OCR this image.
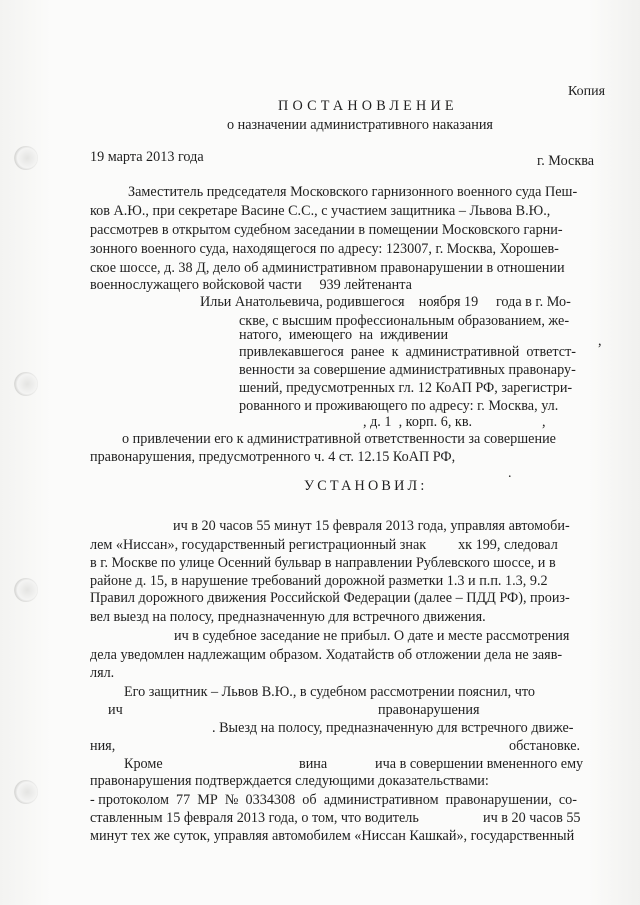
Копия
ПОСТАНОВЛЕНИЕ
о назначении административного наказания
19 марта 2013 года	г. Москва
Заместитель председателя Московского гарнизонного военного суда Пеш-
ков А.Ю., при секретаре Васине С.С., с участием защитника – Львова В.Ю.,
рассмотрев в открытом судебном заседании в помещении Московского гарни-
зонного военного суда, находящегося по адресу: 123007, г. Москва, Хорошев-
ское шоссе, д. 38 Д, дело об административном правонарушении в отношении
военнослужащего войсковой части     939 лейтенанта
Ильи Анатольевича, родившегося    ноября 19     года в г. Мо-
скве, с высшим профессиональным образованием, же-
натого,  имеющего  на  иждивении	,
привлекавшегося  ранее  к  административной  ответст-
венности за совершение административных правонару-
шений, предусмотренных гл. 12 КоАП РФ, зарегистри-
рованного и проживающего по адресу: г. Москва, ул.
, д. 1  , корп. 6, кв.	,
о привлечении его к административной ответственности за совершение
правонарушения, предусмотренного ч. 4 ст. 12.15 КоАП РФ,
.
УСТАНОВИЛ:
ич в 20 часов 55 минут 15 февраля 2013 года, управляя автомоби-
лем «Ниссан», государственный регистрационный знак         хк 199, следовал
в г. Москве по улице Осенний бульвар в направлении Рублевского шоссе, и в
районе д. 15, в нарушение требований дорожной разметки 1.3 и п.п. 1.3, 9.2
Правил дорожного движения Российской Федерации (далее – ПДД РФ), произ-
вел выезд на полосу, предназначенную для встречного движения.
ич в судебное заседание не прибыл. О дате и месте рассмотрения
дела уведомлен надлежащим образом. Ходатайств об отложении дела не заяв-
лял.
Его защитник – Львов В.Ю., в судебном рассмотрении пояснил, что
ич	правонарушения
. Выезд на полосу, предназначенную для встречного движе-
ния,	обстановке.
Кроме	вина	ича в совершении вмененного ему
правонарушения подтверждается следующими доказательствами:
- протоколом  77  МР  №  0334308  об  административном  правонарушении,  со-
ставленным 15 февраля 2013 года, о том, что водитель	ич в 20 часов 55
минут тех же суток, управляя автомобилем «Ниссан Кашкай», государственный
